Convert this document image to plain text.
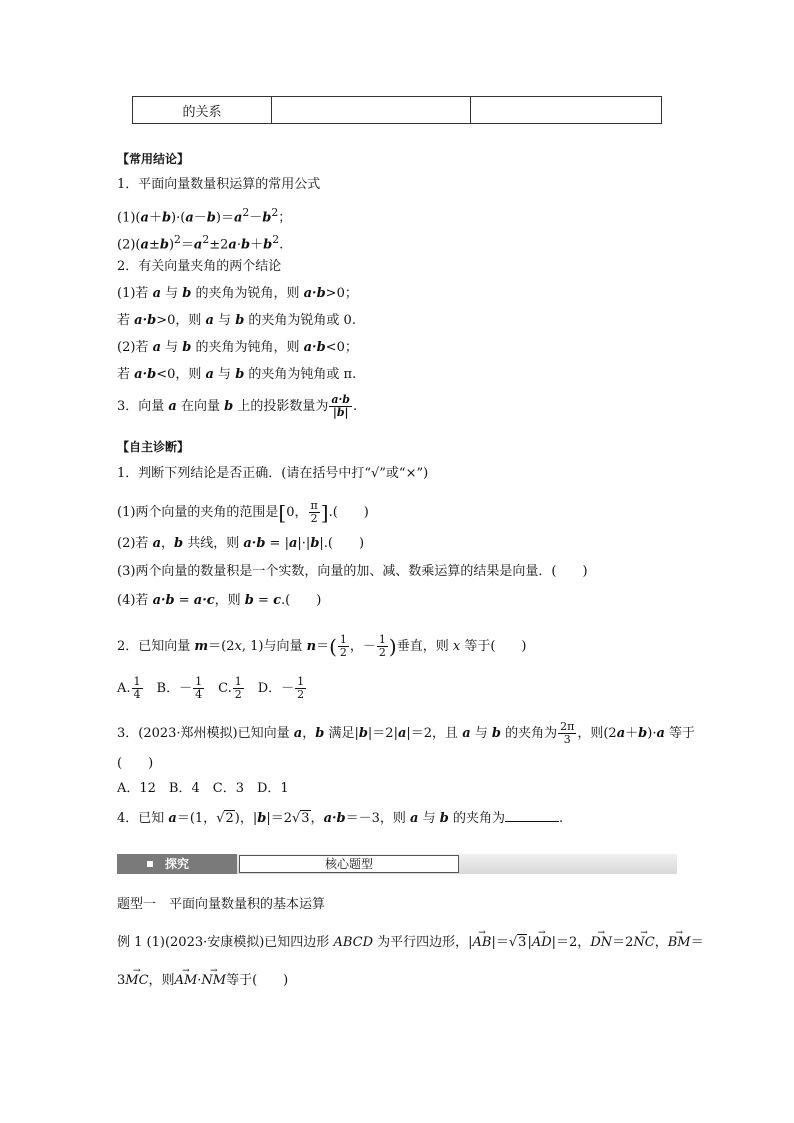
的关系		
【常用结论】
1．平面向量数量积运算的常用公式
$(1)(a+b)\cdot(a-b)=a^2-b^2$；
$(2)(a\pm b)^2=a^2\pm 2a\cdot b+b^2$.
2．有关向量夹角的两个结论
(1)若 a 与 b 的夹角为锐角，则 a·b>0；
若 a·b>0，则 a 与 b 的夹角为锐角或 0.
(2)若 a 与 b 的夹角为钝角，则 a·b<0；
若 a·b<0，则 a 与 b 的夹角为钝角或 π.
3．向量 a 在向量 b 上的投影数量为 $\frac{a\cdot b}{|b|}$ .
【自主诊断】
1．判断下列结论是否正确．(请在括号中打“√”或“×”)
(1)两个向量的夹角的范围是[0， $\frac{\pi}{2}$ ].(　　)
(2)若 a，b 共线，则 a·b = |a|·|b|.(　　)
(3)两个向量的数量积是一个实数，向量的加、减、数乘运算的结果是向量．(　　)
(4)若 a·b = a·c，则 b = c.(　　)
2．已知向量 m＝(2x, 1)与向量 $n=( \frac{1}{2}$ ，－ $\frac{1}{2}$ )垂直，则 x 等于(　　)
A. $\frac{1}{4}$ 　B．－ $\frac{1}{4}$ 　C. $\frac{1}{2}$ 　D．－ $\frac{1}{2}$
3．(2023·郑州模拟)已知向量 a，b 满足|b|＝2|a|＝2，且 a 与 b 的夹角为 $\frac{2\pi}{3}$ ，则(2a＋b)·a 等于
(　　)
A．12　B．4　C．3　D．1
4．已知 a＝(1，√2)，|b|＝2√3，a·b＝－3，则 a 与 b 的夹角为	.
探究	核心题型
题型一　平面向量数量积的基本运算
例 1 (1)(2023·安康模拟)已知四边形 ABCD 为平行四边形，|→ AB|＝√3|→ AD|＝2，→ DN＝2→ NC，→ BM＝
3→ MC，则→ AM·→ NM等于(　　)
